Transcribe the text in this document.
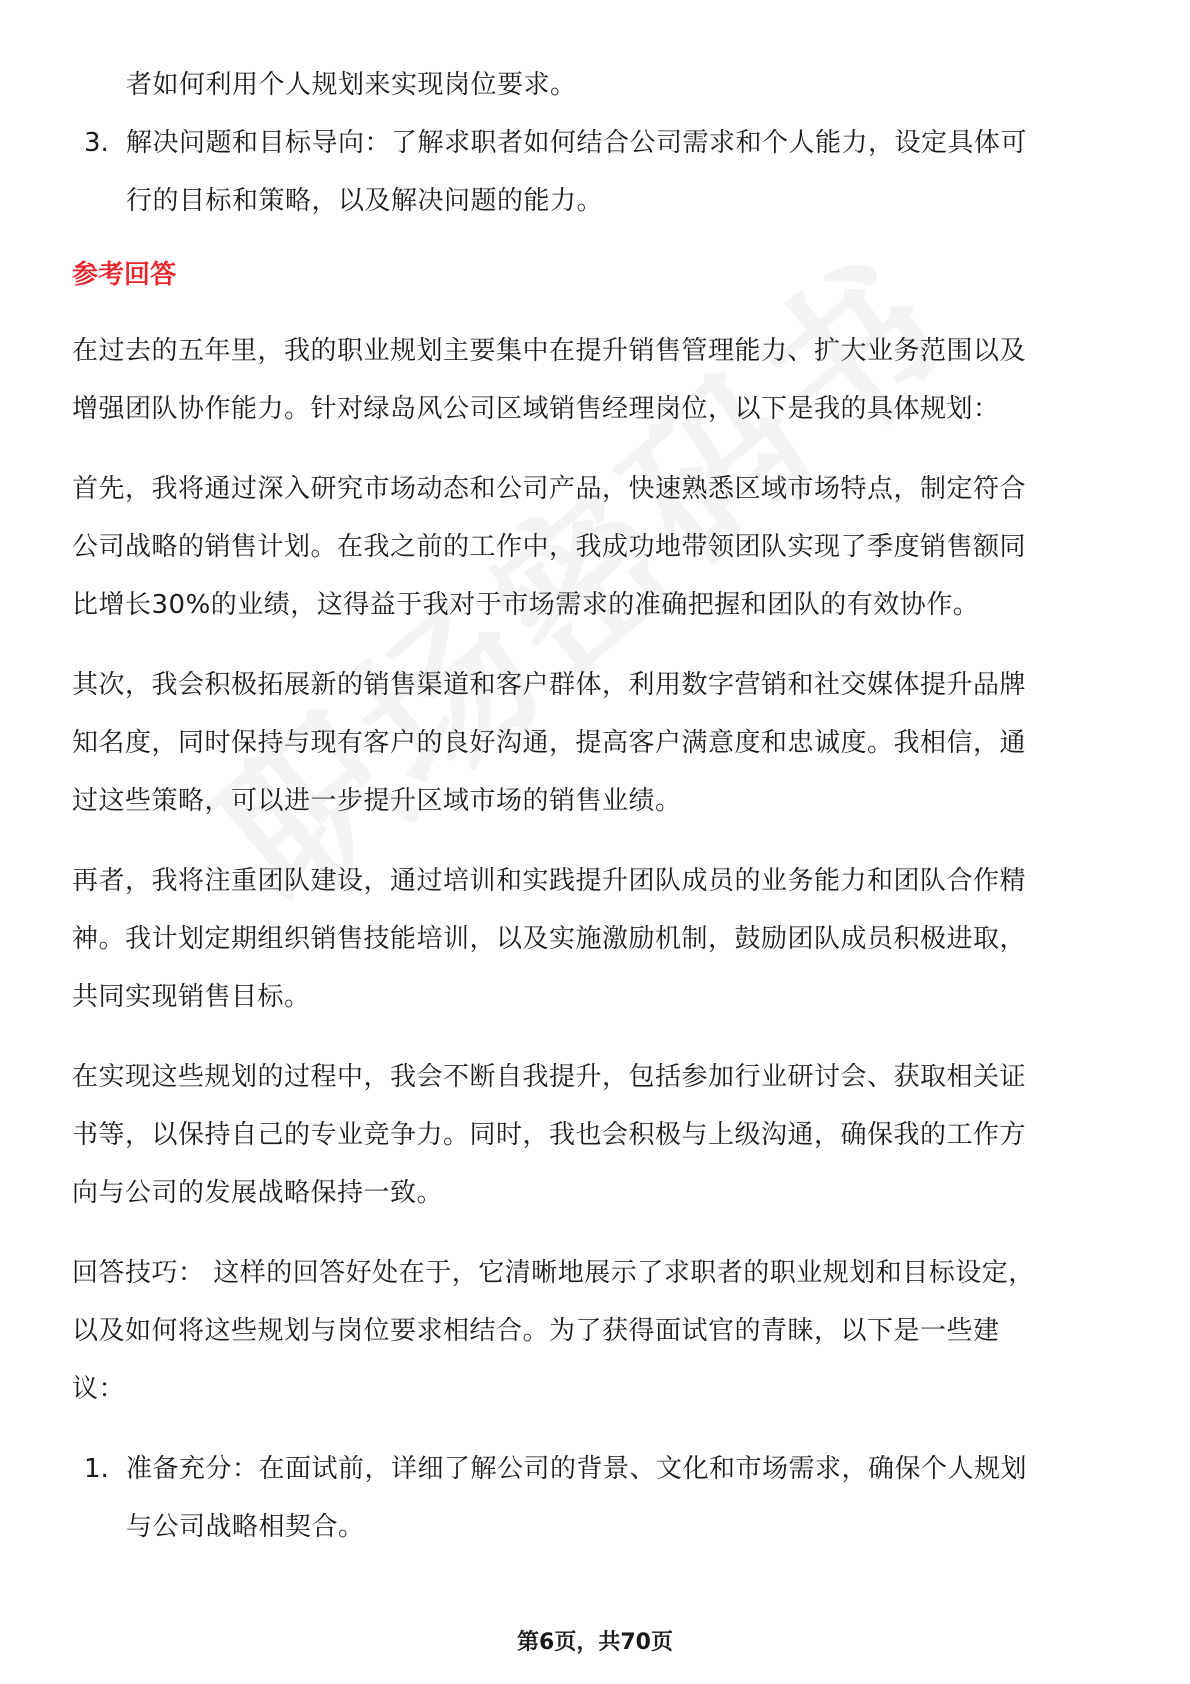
者如何利用个人规划来实现岗位要求。
3. 解决问题和目标导向：了解求职者如何结合公司需求和个人能力，设定具体可
行的目标和策略，以及解决问题的能力。
参考回答
在过去的五年里，我的职业规划主要集中在提升销售管理能力、扩大业务范围以及
增强团队协作能力。针对绿岛风公司区域销售经理岗位，以下是我的具体规划：
首先，我将通过深入研究市场动态和公司产品，快速熟悉区域市场特点，制定符合
公司战略的销售计划。在我之前的工作中，我成功地带领团队实现了季度销售额同
比增长30%的业绩，这得益于我对于市场需求的准确把握和团队的有效协作。
其次，我会积极拓展新的销售渠道和客户群体，利用数字营销和社交媒体提升品牌
知名度，同时保持与现有客户的良好沟通，提高客户满意度和忠诚度。我相信，通
过这些策略，可以进一步提升区域市场的销售业绩。
再者，我将注重团队建设，通过培训和实践提升团队成员的业务能力和团队合作精
神。我计划定期组织销售技能培训，以及实施激励机制，鼓励团队成员积极进取，
共同实现销售目标。
在实现这些规划的过程中，我会不断自我提升，包括参加行业研讨会、获取相关证
书等，以保持自己的专业竞争力。同时，我也会积极与上级沟通，确保我的工作方
向与公司的发展战略保持一致。
回答技巧： 这样的回答好处在于，它清晰地展示了求职者的职业规划和目标设定，
以及如何将这些规划与岗位要求相结合。为了获得面试官的青睐，以下是一些建
议：
1. 准备充分：在面试前，详细了解公司的背景、文化和市场需求，确保个人规划
与公司战略相契合。
第6页，共70页
